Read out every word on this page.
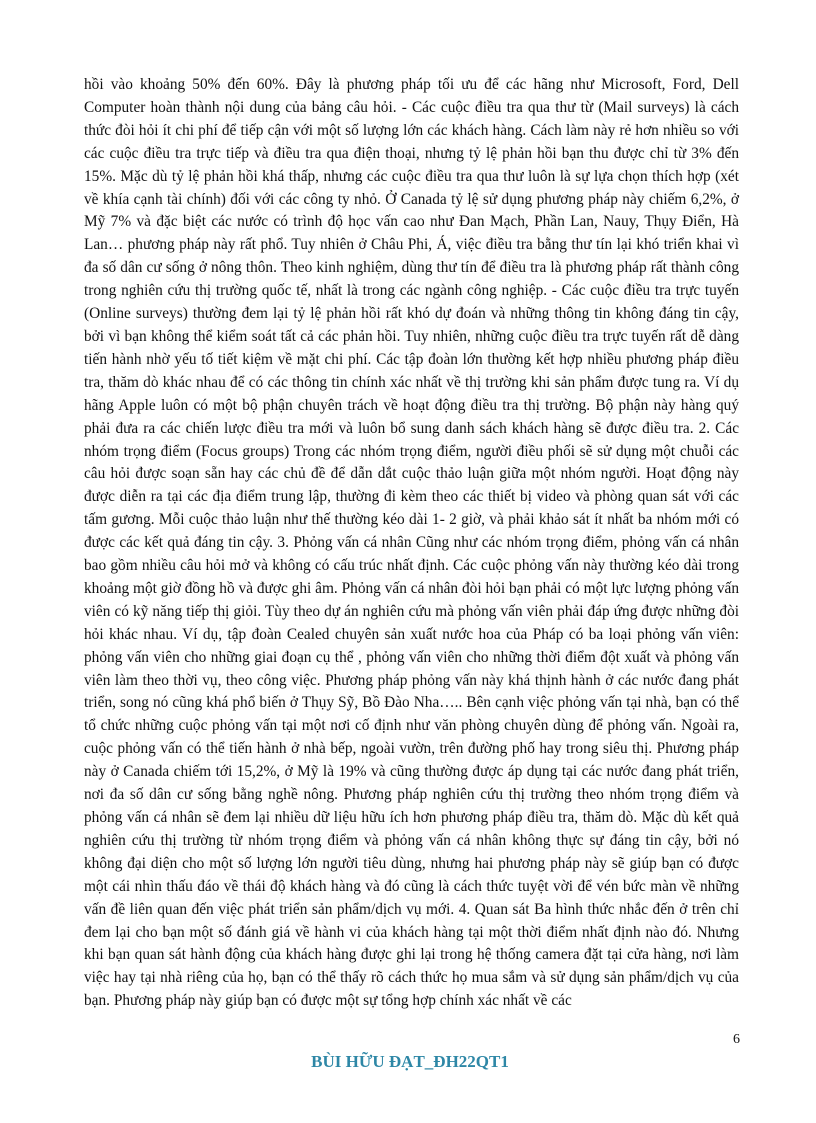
hồi vào khoảng 50% đến 60%. Đây là phương pháp tối ưu để các hãng như Microsoft, Ford, Dell Computer hoàn thành nội dung của bảng câu hỏi. - Các cuộc điều tra qua thư từ (Mail surveys) là cách thức đòi hỏi ít chi phí để tiếp cận với một số lượng lớn các khách hàng. Cách làm này rẻ hơn nhiều so với các cuộc điều tra trực tiếp và điều tra qua điện thoại, nhưng tỷ lệ phản hồi bạn thu được chỉ từ 3% đến 15%. Mặc dù tỷ lệ phản hồi khá thấp, nhưng các cuộc điều tra qua thư luôn là sự lựa chọn thích hợp (xét về khía cạnh tài chính) đối với các công ty nhỏ. Ở Canada tỷ lệ sử dụng phương pháp này chiếm 6,2%, ở Mỹ 7% và đặc biệt các nước có trình độ học vấn cao như Đan Mạch, Phần Lan, Nauy, Thụy Điển, Hà Lan… phương pháp này rất phổ. Tuy nhiên ở Châu Phi, Á, việc điều tra bằng thư tín lại khó triển khai vì đa số dân cư sống ở nông thôn. Theo kinh nghiệm, dùng thư tín để điều tra là phương pháp rất thành công trong nghiên cứu thị trường quốc tế, nhất là trong các ngành công nghiệp. - Các cuộc điều tra trực tuyến (Online surveys) thường đem lại tỷ lệ phản hồi rất khó dự đoán và những thông tin không đáng tin cậy, bởi vì bạn không thể kiểm soát tất cả các phản hồi. Tuy nhiên, những cuộc điều tra trực tuyến rất dễ dàng tiến hành nhờ yếu tố tiết kiệm về mặt chi phí. Các tập đoàn lớn thường kết hợp nhiều phương pháp điều tra, thăm dò khác nhau để có các thông tin chính xác nhất về thị trường khi sản phẩm được tung ra. Ví dụ hãng Apple luôn có một bộ phận chuyên trách về hoạt động điều tra thị trường. Bộ phận này hàng quý phải đưa ra các chiến lược điều tra mới và luôn bổ sung danh sách khách hàng sẽ được điều tra. 2. Các nhóm trọng điểm (Focus groups) Trong các nhóm trọng điểm, người điều phối sẽ sử dụng một chuỗi các câu hỏi được soạn sẵn hay các chủ đề để dẫn dắt cuộc thảo luận giữa một nhóm người. Hoạt động này được diễn ra tại các địa điểm trung lập, thường đi kèm theo các thiết bị video và phòng quan sát với các tấm gương. Mỗi cuộc thảo luận như thế thường kéo dài 1- 2 giờ, và phải khảo sát ít nhất ba nhóm mới có được các kết quả đáng tin cậy. 3. Phỏng vấn cá nhân Cũng như các nhóm trọng điểm, phỏng vấn cá nhân bao gồm nhiều câu hỏi mở và không có cấu trúc nhất định. Các cuộc phỏng vấn này thường kéo dài trong khoảng một giờ đồng hồ và được ghi âm. Phỏng vấn cá nhân đòi hỏi bạn phải có một lực lượng phỏng vấn viên có kỹ năng tiếp thị giỏi. Tùy theo dự án nghiên cứu mà phỏng vấn viên phải đáp ứng được những đòi hỏi khác nhau. Ví dụ, tập đoàn Cealed chuyên sản xuất nước hoa của Pháp có ba loại phỏng vấn viên: phỏng vấn viên cho những giai đoạn cụ thể , phỏng vấn viên cho những thời điểm đột xuất và phỏng vấn viên làm theo thời vụ, theo công việc. Phương pháp phỏng vấn này khá thịnh hành ở các nước đang phát triển, song nó cũng khá phổ biến ở Thụy Sỹ, Bồ Đào Nha….. Bên cạnh việc phỏng vấn tại nhà, bạn có thể tổ chức những cuộc phỏng vấn tại một nơi cố định như văn phòng chuyên dùng để phỏng vấn. Ngoài ra, cuộc phỏng vấn có thể tiến hành ở nhà bếp, ngoài vườn, trên đường phố hay trong siêu thị. Phương pháp này ở Canada chiếm tới 15,2%, ở Mỹ là 19% và cũng thường được áp dụng tại các nước đang phát triển, nơi đa số dân cư sống bằng nghề nông. Phương pháp nghiên cứu thị trường theo nhóm trọng điểm và phỏng vấn cá nhân sẽ đem lại nhiều dữ liệu hữu ích hơn phương pháp điều tra, thăm dò. Mặc dù kết quả nghiên cứu thị trường từ nhóm trọng điểm và phỏng vấn cá nhân không thực sự đáng tin cậy, bởi nó không đại diện cho một số lượng lớn người tiêu dùng, nhưng hai phương pháp này sẽ giúp bạn có được một cái nhìn thấu đáo về thái độ khách hàng và đó cũng là cách thức tuyệt vời để vén bức màn về những vấn đề liên quan đến việc phát triển sản phẩm/dịch vụ mới. 4. Quan sát Ba hình thức nhắc đến ở trên chỉ đem lại cho bạn một số đánh giá về hành vi của khách hàng tại một thời điểm nhất định nào đó. Nhưng khi bạn quan sát hành động của khách hàng được ghi lại trong hệ thống camera đặt tại cửa hàng, nơi làm việc hay tại nhà riêng của họ, bạn có thể thấy rõ cách thức họ mua sắm và sử dụng sản phẩm/dịch vụ của bạn. Phương pháp này giúp bạn có được một sự tổng hợp chính xác nhất về các

6
BÙI HỮU ĐẠT_ĐH22QT1
